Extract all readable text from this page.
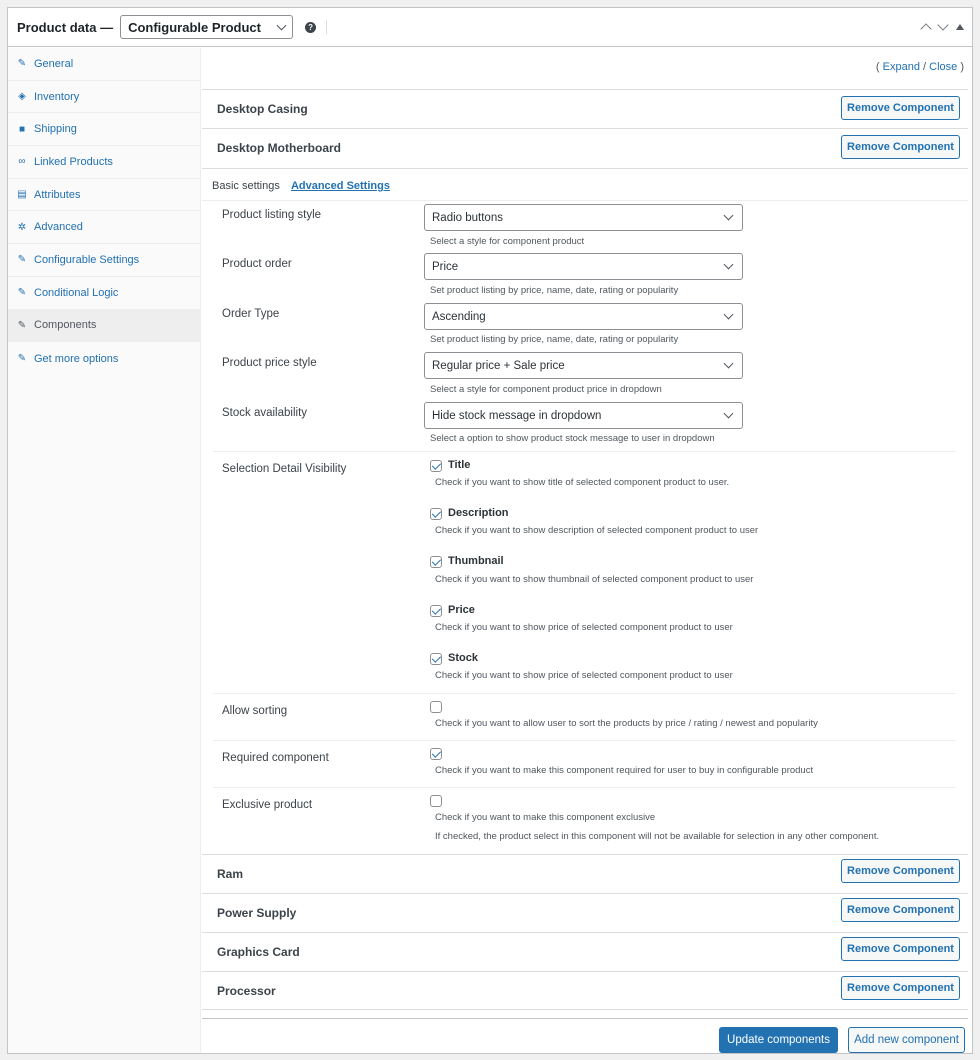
Product data — Configurable Product	?
✎ General
◈ Inventory
■ Shipping
∞ Linked Products
▤ Attributes
✲ Advanced
✎ Configurable Settings
✎ Conditional Logic
✎ Components
✎ Get more options
( Expand / Close )
Desktop Casing	Remove Component
Desktop Motherboard	Remove Component
Basic settings Advanced Settings
Product listing style	Radio buttons
Select a style for component product
Product order	Price
Set product listing by price, name, date, rating or popularity
Order Type	Ascending
Set product listing by price, name, date, rating or popularity
Product price style	Regular price + Sale price
Select a style for component product price in dropdown
Stock availability	Hide stock message in dropdown
Select a option to show product stock message to user in dropdown
Selection Detail Visibility	Title
Check if you want to show title of selected component product to user.
Description
Check if you want to show description of selected component product to user
Thumbnail
Check if you want to show thumbnail of selected component product to user
Price
Check if you want to show price of selected component product to user
Stock
Check if you want to show price of selected component product to user
Allow sorting
Check if you want to allow user to sort the products by price / rating / newest and popularity
Required component
Check if you want to make this component required for user to buy in configurable product
Exclusive product
Check if you want to make this component exclusive
If checked, the product select in this component will not be available for selection in any other component.
Ram	Remove Component
Power Supply	Remove Component
Graphics Card	Remove Component
Processor	Remove Component
Update components	Add new component
